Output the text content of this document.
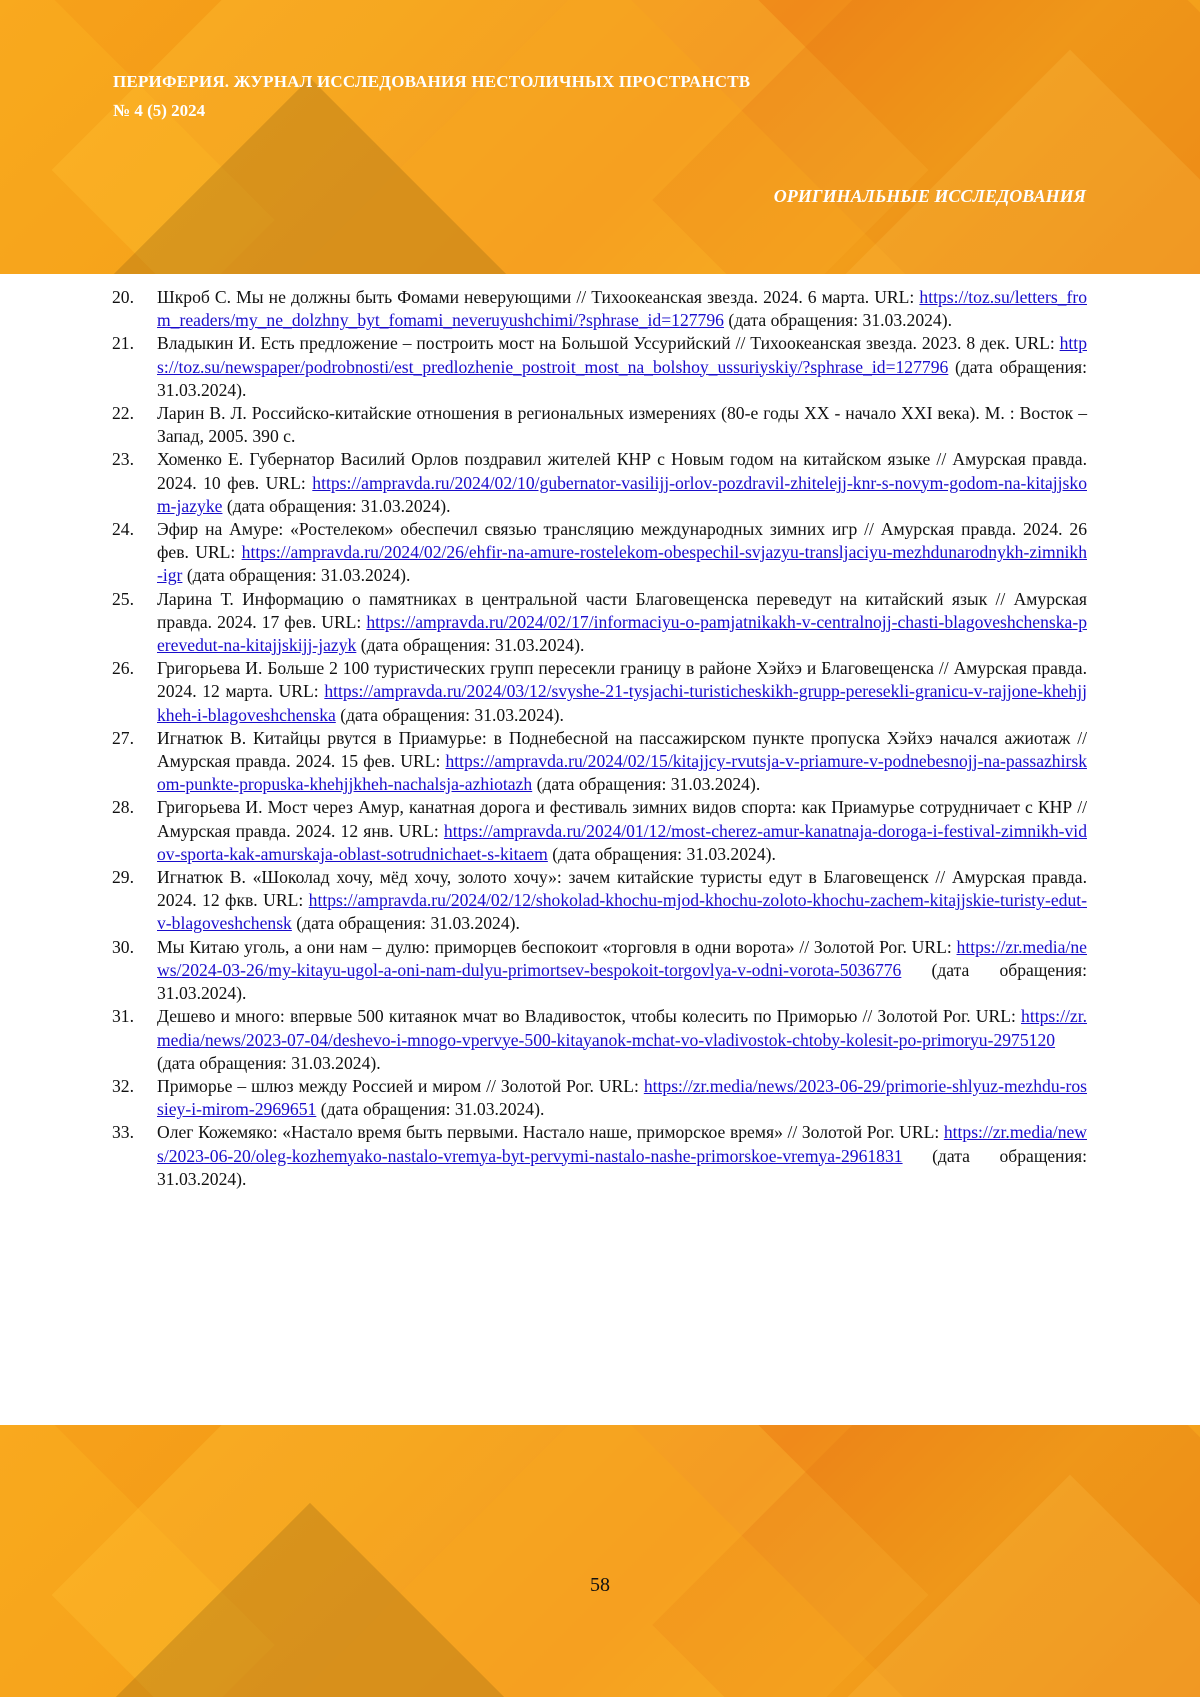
ПЕРИФЕРИЯ. ЖУРНАЛ ИССЛЕДОВАНИЯ НЕСТОЛИЧНЫХ ПРОСТРАНСТВ
№ 4 (5) 2024
ОРИГИНАЛЬНЫЕ ИССЛЕДОВАНИЯ
20. Шкроб С. Мы не должны быть Фомами неверующими // Тихоокеанская звезда. 2024. 6 марта. URL: https://toz.su/letters_from_readers/my_ne_dolzhny_byt_fomami_neveruyushchimi/?sphrase_id=127796 (дата обращения: 31.03.2024).
21. Владыкин И. Есть предложение – построить мост на Большой Уссурийский // Тихоокеанская звезда. 2023. 8 дек. URL: https://toz.su/newspaper/podrobnosti/est_predlozhenie_postroit_most_na_bolshoy_ussuriyskiy/?sphrase_id=127796 (дата обращения: 31.03.2024).
22. Ларин В. Л. Российско-китайские отношения в региональных измерениях (80-е годы XX - начало XXI века). М. : Восток – Запад, 2005. 390 с.
23. Хоменко Е. Губернатор Василий Орлов поздравил жителей КНР с Новым годом на китайском языке // Амурская правда. 2024. 10 фев. URL: https://ampravda.ru/2024/02/10/gubernator-vasilijj-orlov-pozdravil-zhitelejj-knr-s-novym-godom-na-kitajjskom-jazyke (дата обращения: 31.03.2024).
24. Эфир на Амуре: «Ростелеком» обеспечил связью трансляцию международных зимних игр // Амурская правда. 2024. 26 фев. URL: https://ampravda.ru/2024/02/26/ehfir-na-amure-rostelekom-obespechil-svjazyu-transljaciyu-mezhdunarodnykh-zimnikh-igr (дата обращения: 31.03.2024).
25. Ларина Т. Информацию о памятниках в центральной части Благовещенска переведут на китайский язык // Амурская правда. 2024. 17 фев. URL: https://ampravda.ru/2024/02/17/informaciyu-o-pamjatnikakh-v-centralnojj-chasti-blagoveshchenska-perevedut-na-kitajjskijj-jazyk (дата обращения: 31.03.2024).
26. Григорьева И. Больше 2 100 туристических групп пересекли границу в районе Хэйхэ и Благовещенска // Амурская правда. 2024. 12 марта. URL: https://ampravda.ru/2024/03/12/svyshe-21-tysjachi-turisticheskikh-grupp-peresekli-granicu-v-rajjone-khehjjkheh-i-blagoveshchenska (дата обращения: 31.03.2024).
27. Игнатюк В. Китайцы рвутся в Приамурье: в Поднебесной на пассажирском пункте пропуска Хэйхэ начался ажиотаж // Амурская правда. 2024. 15 фев. URL: https://ampravda.ru/2024/02/15/kitajjcy-rvutsja-v-priamure-v-podnebesnojj-na-passazhirskom-punkte-propuska-khehjjkheh-nachalsja-azhiotazh (дата обращения: 31.03.2024).
28. Григорьева И. Мост через Амур, канатная дорога и фестиваль зимних видов спорта: как Приамурье сотрудничает с КНР // Амурская правда. 2024. 12 янв. URL: https://ampravda.ru/2024/01/12/most-cherez-amur-kanatnaja-doroga-i-festival-zimnikh-vidov-sporta-kak-amurskaja-oblast-sotrudnichaet-s-kitaem (дата обращения: 31.03.2024).
29. Игнатюк В. «Шоколад хочу, мёд хочу, золото хочу»: зачем китайские туристы едут в Благовещенск // Амурская правда. 2024. 12 фкв. URL: https://ampravda.ru/2024/02/12/shokolad-khochu-mjod-khochu-zoloto-khochu-zachem-kitajjskie-turisty-edut-v-blagoveshchensk (дата обращения: 31.03.2024).
30. Мы Китаю уголь, а они нам – дулю: приморцев беспокоит «торговля в одни ворота» // Золотой Рог. URL: https://zr.media/news/2024-03-26/my-kitayu-ugol-a-oni-nam-dulyu-primortsev-bespokoit-torgovlya-v-odni-vorota-5036776 (дата обращения: 31.03.2024).
31. Дешево и много: впервые 500 китаянок мчат во Владивосток, чтобы колесить по Приморью // Золотой Рог. URL: https://zr.media/news/2023-07-04/deshevo-i-mnogo-vpervye-500-kitayanok-mchat-vo-vladivostok-chtoby-kolesit-po-primoryu-2975120 (дата обращения: 31.03.2024).
32. Приморье – шлюз между Россией и миром // Золотой Рог. URL: https://zr.media/news/2023-06-29/primorie-shlyuz-mezhdu-rossiey-i-mirom-2969651 (дата обращения: 31.03.2024).
33. Олег Кожемяко: «Настало время быть первыми. Настало наше, приморское время» // Золотой Рог. URL: https://zr.media/news/2023-06-20/oleg-kozhemyako-nastalo-vremya-byt-pervymi-nastalo-nashe-primorskoe-vremya-2961831 (дата обращения: 31.03.2024).
58
